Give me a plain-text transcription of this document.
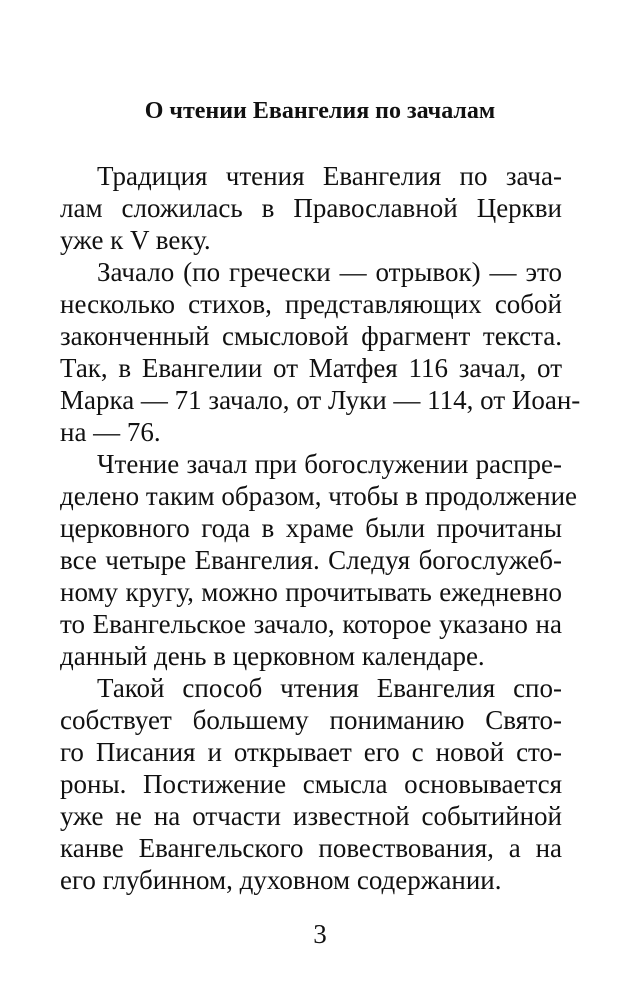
О чтении Евангелия по зачалам
Традиция чтения Евангелия по зача-
лам сложилась в Православной Церкви
уже к V веку.
Зачало (по гречески — отрывок) — это
несколько стихов, представляющих собой
законченный смысловой фрагмент текста.
Так, в Евангелии от Матфея 116 зачал, от
Марка — 71 зачало, от Луки — 114, от Иоан-
на — 76.
Чтение зачал при богослужении распре-
делено таким образом, чтобы в продолжение
церковного года в храме были прочитаны
все четыре Евангелия. Следуя богослужеб-
ному кругу, можно прочитывать ежедневно
то Евангельское зачало, которое указано на
данный день в церковном календаре.
Такой способ чтения Евангелия спо-
собствует большему пониманию Свято-
го Писания и открывает его с новой сто-
роны. Постижение смысла основывается
уже не на отчасти известной событийной
канве Евангельского повествования, а на
его глубинном, духовном содержании.
3
